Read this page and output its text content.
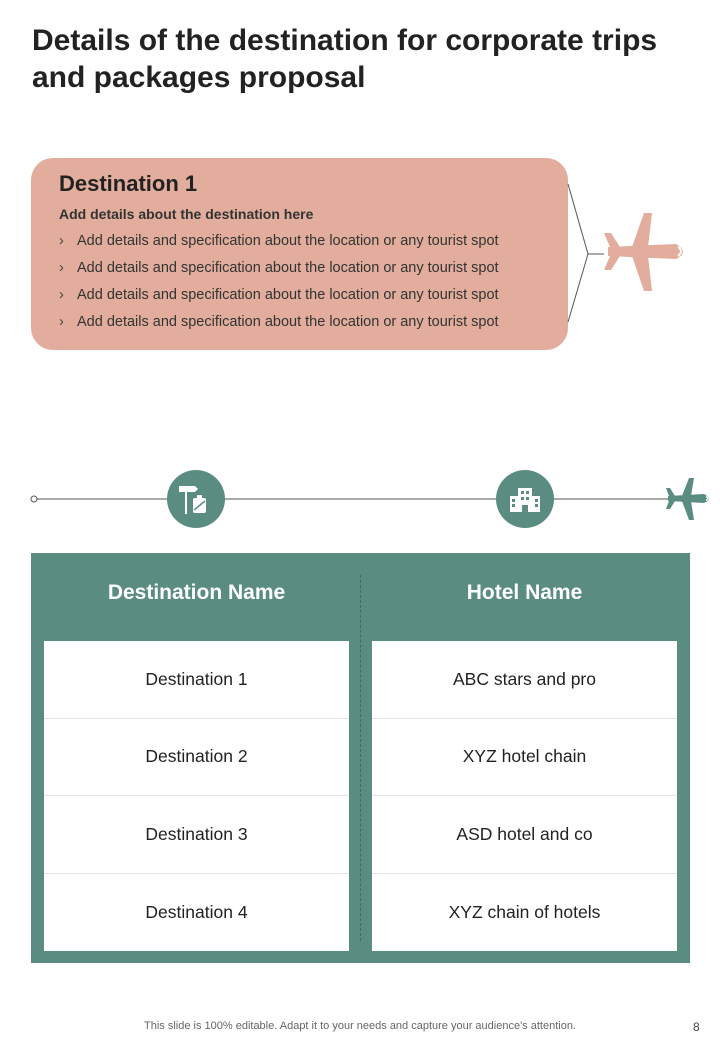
Details of the destination for corporate trips and packages proposal
Destination 1
Add details about the destination here
› Add details and specification about the location or any tourist spot
› Add details and specification about the location or any tourist spot
› Add details and specification about the location or any tourist spot
› Add details and specification about the location or any tourist spot
Destination Name	Hotel Name
Destination 1
Destination 2
Destination 3
Destination 4
ABC stars and pro
XYZ hotel chain
ASD hotel and co
XYZ chain of hotels
This slide is 100% editable. Adapt it to your needs and capture your audience's attention.	8
